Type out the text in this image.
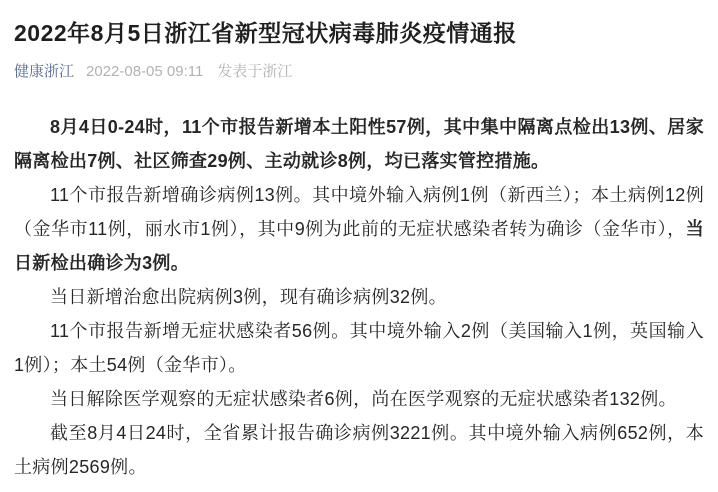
2022年8月5日浙江省新型冠状病毒肺炎疫情通报
健康浙江 2022-08-05 09:11 发表于浙江

8月4日0-24时，11个市报告新增本土阳性57例，其中集中隔离点检出13例、居家隔离检出7例、社区筛查29例、主动就诊8例，均已落实管控措施。

11个市报告新增确诊病例13例。其中境外输入病例1例（新西兰）；本土病例12例（金华市11例，丽水市1例），其中9例为此前的无症状感染者转为确诊（金华市），当日新检出确诊为3例。

当日新增治愈出院病例3例，现有确诊病例32例。

11个市报告新增无症状感染者56例。其中境外输入2例（美国输入1例，英国输入1例）；本土54例（金华市）。

当日解除医学观察的无症状感染者6例，尚在医学观察的无症状感染者132例。

截至8月4日24时，全省累计报告确诊病例3221例。其中境外输入病例652例，本土病例2569例。
